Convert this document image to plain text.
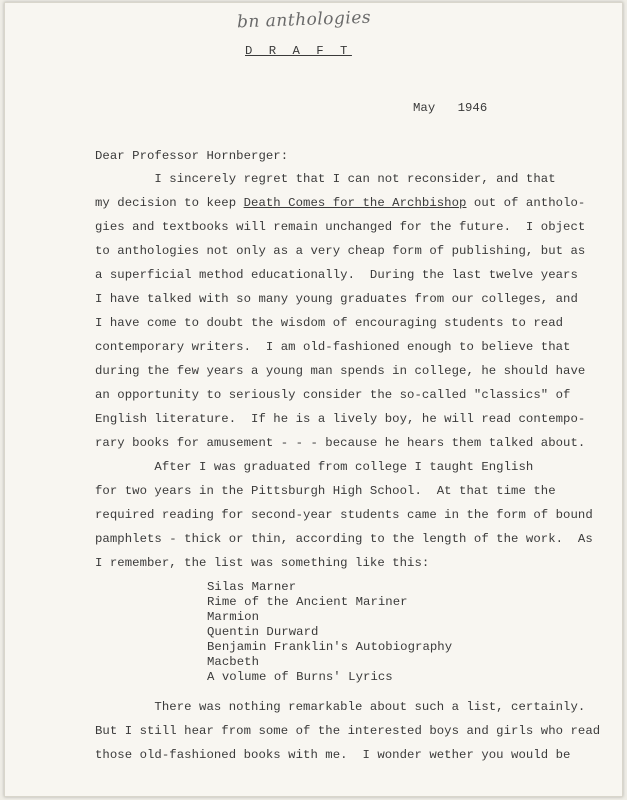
bn anthologies
D R A F T
May   1946
Dear Professor Hornberger:
I sincerely regret that I can not reconsider, and that
my decision to keep Death Comes for the Archbishop out of antholo-
gies and textbooks will remain unchanged for the future.  I object
to anthologies not only as a very cheap form of publishing, but as
a superficial method educationally.  During the last twelve years
I have talked with so many young graduates from our colleges, and
I have come to doubt the wisdom of encouraging students to read
contemporary writers.  I am old-fashioned enough to believe that
during the few years a young man spends in college, he should have
an opportunity to seriously consider the so-called "classics" of
English literature.  If he is a lively boy, he will read contempo-
rary books for amusement - - - because he hears them talked about.
After I was graduated from college I taught English
for two years in the Pittsburgh High School.  At that time the
required reading for second-year students came in the form of bound
pamphlets - thick or thin, according to the length of the work.  As
I remember, the list was something like this:
Silas Marner
Rime of the Ancient Mariner
Marmion
Quentin Durward
Benjamin Franklin's Autobiography
Macbeth
A volume of Burns' Lyrics
There was nothing remarkable about such a list, certainly.
But I still hear from some of the interested boys and girls who read
those old-fashioned books with me.  I wonder wether you would be
